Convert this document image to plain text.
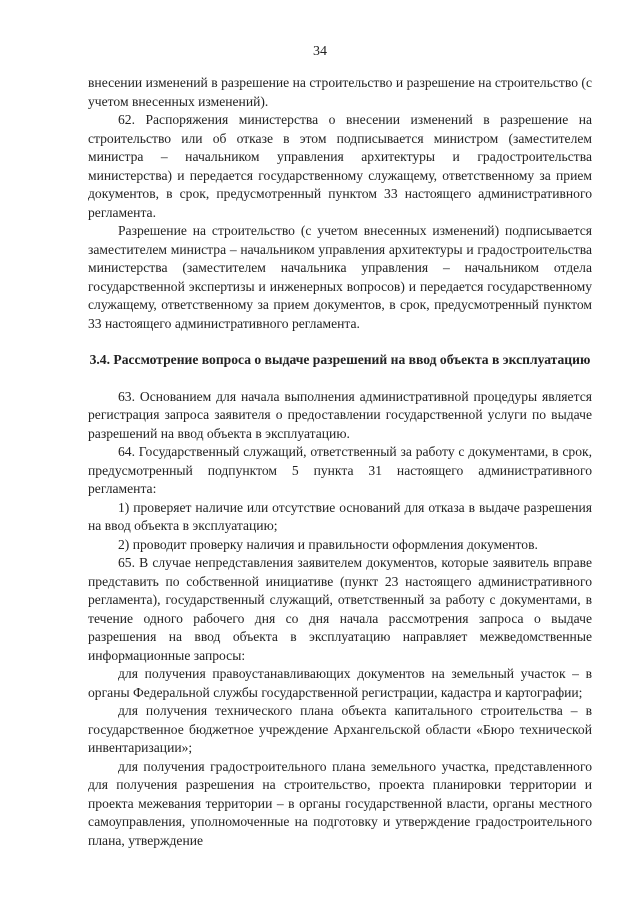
34

внесении изменений в разрешение на строительство и разрешение на строительство (с учетом внесенных изменений).

62. Распоряжения министерства о внесении изменений в разрешение на строительство или об отказе в этом подписывается министром (заместителем министра – начальником управления архитектуры и градостроительства министерства) и передается государственному служащему, ответственному за прием документов, в срок, предусмотренный пунктом 33 настоящего административного регламента.

Разрешение на строительство (с учетом внесенных изменений) подписывается заместителем министра – начальником управления архитектуры и градостроительства министерства (заместителем начальника управления – начальником отдела государственной экспертизы и инженерных вопросов) и передается государственному служащему, ответственному за прием документов, в срок, предусмотренный пунктом 33 настоящего административного регламента.

3.4. Рассмотрение вопроса о выдаче разрешений на ввод объекта в эксплуатацию

63. Основанием для начала выполнения административной процедуры является регистрация запроса заявителя о предоставлении государственной услуги по выдаче разрешений на ввод объекта в эксплуатацию.

64. Государственный служащий, ответственный за работу с документами, в срок, предусмотренный подпунктом 5 пункта 31 настоящего административного регламента:

1) проверяет наличие или отсутствие оснований для отказа в выдаче разрешения на ввод объекта в эксплуатацию;

2) проводит проверку наличия и правильности оформления документов.

65. В случае непредставления заявителем документов, которые заявитель вправе представить по собственной инициативе (пункт 23 настоящего административного регламента), государственный служащий, ответственный за работу с документами, в течение одного рабочего дня со дня начала рассмотрения запроса о выдаче разрешения на ввод объекта в эксплуатацию направляет межведомственные информационные запросы:

для получения правоустанавливающих документов на земельный участок – в органы Федеральной службы государственной регистрации, кадастра и картографии;

для получения технического плана объекта капитального строительства – в государственное бюджетное учреждение Архангельской области «Бюро технической инвентаризации»;

для получения градостроительного плана земельного участка, представленного для получения разрешения на строительство, проекта планировки территории и проекта межевания территории – в органы государственной власти, органы местного самоуправления, уполномоченные на подготовку и утверждение градостроительного плана, утверждение
